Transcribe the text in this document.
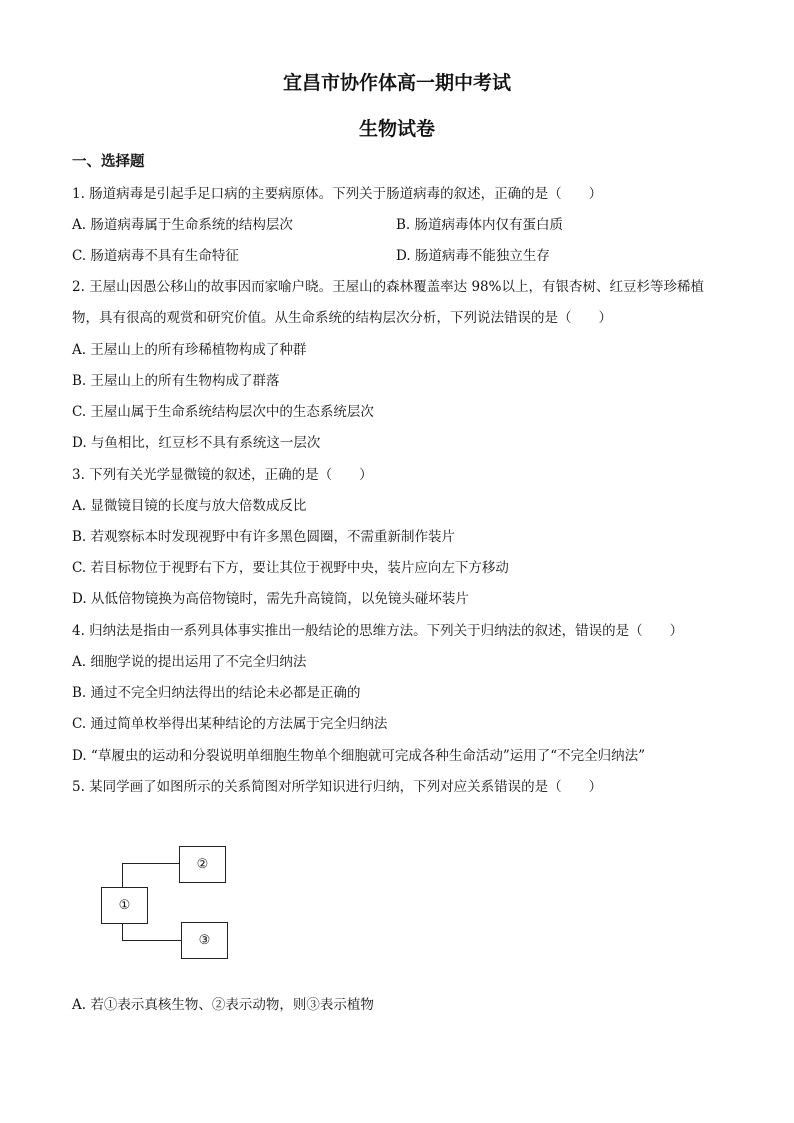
宜昌市协作体高一期中考试
生物试卷
一、选择题
1. 肠道病毒是引起手足口病的主要病原体。下列关于肠道病毒的叙述，正确的是（　　）
A. 肠道病毒属于生命系统的结构层次	B. 肠道病毒体内仅有蛋白质
C. 肠道病毒不具有生命特征	D. 肠道病毒不能独立生存
2. 王屋山因愚公移山的故事因而家喻户晓。王屋山的森林覆盖率达 98%以上，有银杏树、红豆杉等珍稀植
物，具有很高的观赏和研究价值。从生命系统的结构层次分析，下列说法错误的是（　　）
A. 王屋山上的所有珍稀植物构成了种群
B. 王屋山上的所有生物构成了群落
C. 王屋山属于生命系统结构层次中的生态系统层次
D. 与鱼相比，红豆杉不具有系统这一层次
3. 下列有关光学显微镜的叙述，正确的是（　　）
A. 显微镜目镜的长度与放大倍数成反比
B. 若观察标本时发现视野中有许多黑色圆圈，不需重新制作装片
C. 若目标物位于视野右下方，要让其位于视野中央，装片应向左下方移动
D. 从低倍物镜换为高倍物镜时，需先升高镜筒，以免镜头碰坏装片
4. 归纳法是指由一系列具体事实推出一般结论的思维方法。下列关于归纳法的叙述，错误的是（　　）
A. 细胞学说的提出运用了不完全归纳法
B. 通过不完全归纳法得出的结论未必都是正确的
C. 通过简单枚举得出某种结论的方法属于完全归纳法
D. “草履虫的运动和分裂说明单细胞生物单个细胞就可完成各种生命活动”运用了“不完全归纳法”
5. 某同学画了如图所示的关系简图对所学知识进行归纳，下列对应关系错误的是（　　）
①
②
③
A. 若①表示真核生物、②表示动物，则③表示植物
